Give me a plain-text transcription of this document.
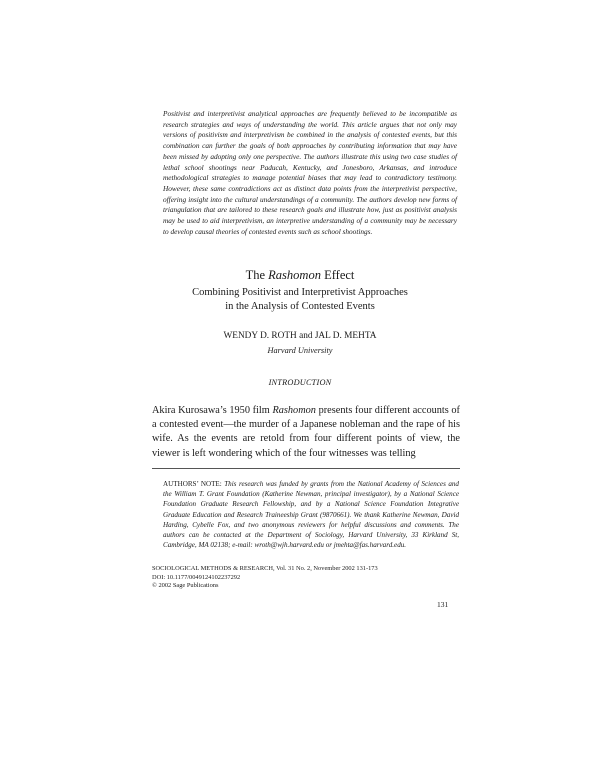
Positivist and interpretivist analytical approaches are frequently believed to be incompatible as research strategies and ways of understanding the world. This article argues that not only may versions of positivism and interpretivism be combined in the analysis of contested events, but this combination can further the goals of both approaches by contributing information that may have been missed by adopting only one perspective. The authors illustrate this using two case studies of lethal school shootings near Paducah, Kentucky, and Jonesboro, Arkansas, and introduce methodological strategies to manage potential biases that may lead to contradictory testimony. However, these same contradictions act as distinct data points from the interpretivist perspective, offering insight into the cultural understandings of a community. The authors develop new forms of triangulation that are tailored to these research goals and illustrate how, just as positivist analysis may be used to aid interpretivism, an interpretive understanding of a community may be necessary to develop causal theories of contested events such as school shootings.

The Rashomon Effect
Combining Positivist and Interpretivist Approaches
in the Analysis of Contested Events

WENDY D. ROTH and JAL D. MEHTA

Harvard University

INTRODUCTION

Akira Kurosawa’s 1950 film Rashomon presents four different accounts of a contested event—the murder of a Japanese nobleman and the rape of his wife. As the events are retold from four different points of view, the viewer is left wondering which of the four witnesses was telling

AUTHORS’ NOTE: This research was funded by grants from the National Academy of Sciences and the William T. Grant Foundation (Katherine Newman, principal investigator), by a National Science Foundation Graduate Research Fellowship, and by a National Science Foundation Integrative Graduate Education and Research Traineeship Grant (9870661). We thank Katherine Newman, David Harding, Cybelle Fox, and two anonymous reviewers for helpful discussions and comments. The authors can be contacted at the Department of Sociology, Harvard University, 33 Kirkland St, Cambridge, MA 02138; e-mail: wroth@wjh.harvard.edu or jmehta@fas.harvard.edu.

SOCIOLOGICAL METHODS & RESEARCH, Vol. 31 No. 2, November 2002 131-173
DOI: 10.1177/0049124102237292
© 2002 Sage Publications

131
